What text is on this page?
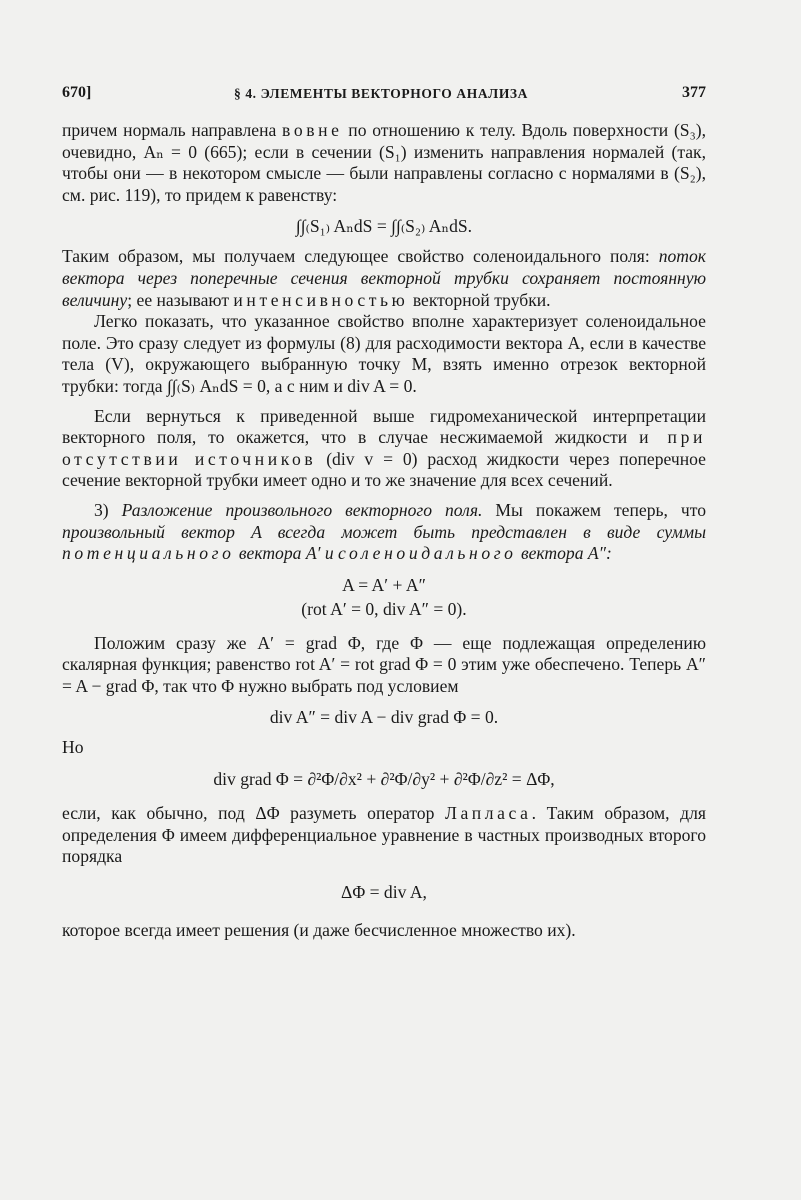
670]	§ 4. ЭЛЕМЕНТЫ ВЕКТОРНОГО АНАЛИЗА	377

причем нормаль направлена вовне по отношению к телу. Вдоль поверхности (S₃), очевидно, Aₙ = 0 (665); если в сечении (S₁) изменить направления нормалей (так, чтобы они — в некотором смысле — были направлены согласно с нормалями в (S₂), см. рис. 119), то придем к равенству:

∫∫₍S₁₎ AₙdS = ∫∫₍S₂₎ AₙdS.

Таким образом, мы получаем следующее свойство соленоидального поля: поток вектора через поперечные сечения векторной трубки сохраняет постоянную величину; ее называют интенсивностью векторной трубки.

Легко показать, что указанное свойство вполне характеризует соленоидальное поле. Это сразу следует из формулы (8) для расходимости вектора A, если в качестве тела (V), окружающего выбранную точку M, взять именно отрезок векторной трубки: тогда ∫∫₍S₎ AₙdS = 0, а с ним и div A = 0.

Если вернуться к приведенной выше гидромеханической интерпретации векторного поля, то окажется, что в случае несжимаемой жидкости и при отсутствии источников (div v = 0) расход жидкости через поперечное сечение векторной трубки имеет одно и то же значение для всех сечений.

3) Разложение произвольного векторного поля. Мы покажем теперь, что произвольный вектор A всегда может быть представлен в виде суммы потенциального вектора A′ и соленоидального вектора A″:

A = A′ + A″

(rot A′ = 0, div A″ = 0).

Положим сразу же A′ = grad Φ, где Φ — еще подлежащая определению скалярная функция; равенство rot A′ = rot grad Φ = 0 этим уже обеспечено. Теперь A″ = A − grad Φ, так что Φ нужно выбрать под условием

div A″ = div A − div grad Φ = 0.

Но

div grad Φ = ∂²Φ/∂x² + ∂²Φ/∂y² + ∂²Φ/∂z² = ΔΦ,

если, как обычно, под ΔΦ разуметь оператор Лапласа. Таким образом, для определения Φ имеем дифференциальное уравнение в частных производных второго порядка

ΔΦ = div A,

которое всегда имеет решения (и даже бесчисленное множество их).
